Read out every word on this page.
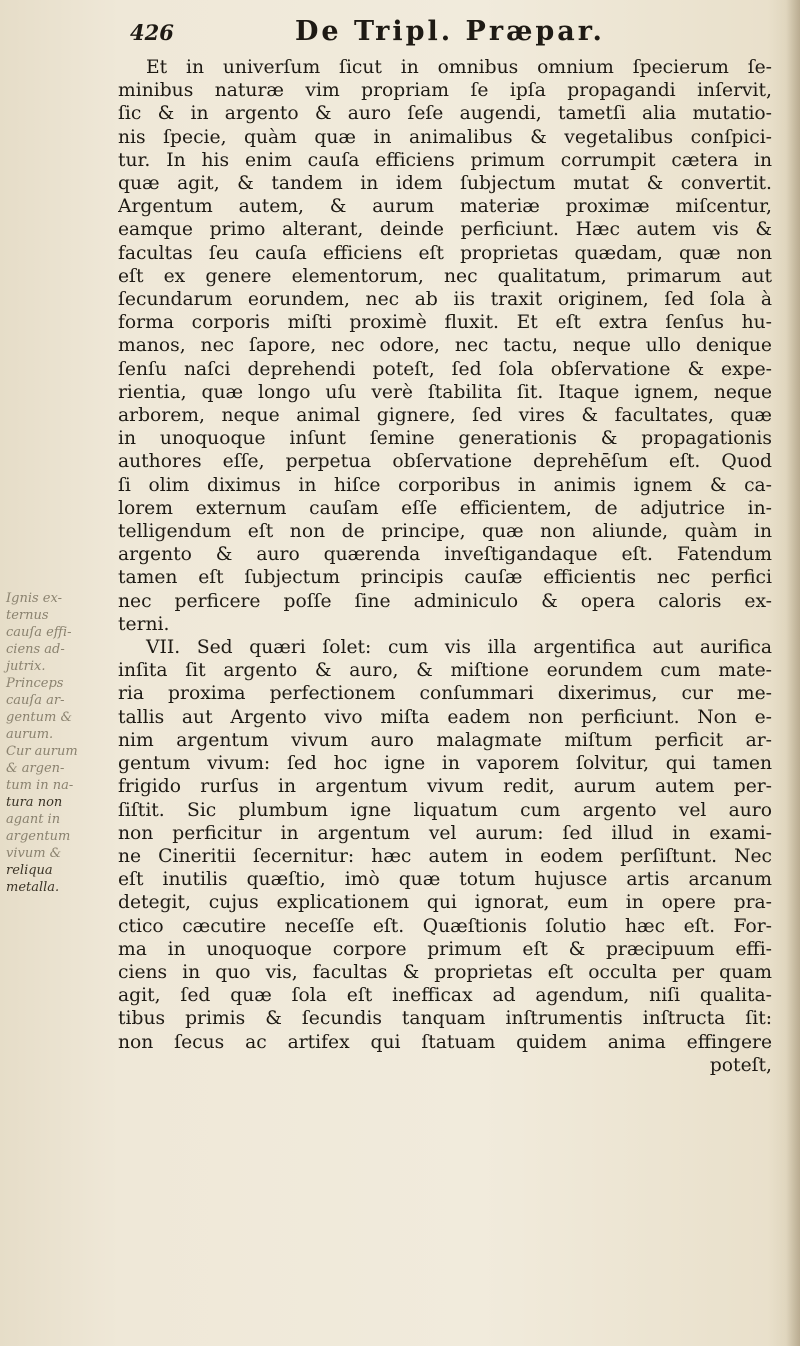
426	De Tripl. Præpar.
Et in univerſum ſicut in omnibus omnium ſpecierum ſe-
minibus naturæ vim propriam ſe ipſa propagandi inſervit,
ſic & in argento & auro ſeſe augendi, tametſi alia mutatio-
nis ſpecie, quàm quæ in animalibus & vegetalibus conſpici-
tur. In his enim cauſa efficiens primum corrumpit cætera in
quæ agit, & tandem in idem ſubjectum mutat & convertit.
Argentum autem, & aurum materiæ proximæ miſcentur,
eamque primo alterant, deinde perficiunt. Hæc autem vis &
facultas ſeu cauſa efficiens eſt proprietas quædam, quæ non
eſt ex genere elementorum, nec qualitatum, primarum aut
ſecundarum eorundem, nec ab iis traxit originem, ſed ſola à
forma corporis miſti proximè fluxit. Et eſt extra ſenſus hu-
manos, nec ſapore, nec odore, nec tactu, neque ullo denique
ſenſu naſci deprehendi poteſt, ſed ſola obſervatione & expe-
rientia, quæ longo uſu verè ſtabilita ſit. Itaque ignem, neque
arborem, neque animal gignere, ſed vires & facultates, quæ
in unoquoque inſunt ſemine generationis & propagationis
authores eſſe, perpetua obſervatione deprehēſum eſt. Quod
ſi olim diximus in hiſce corporibus in animis ignem & ca-
lorem externum cauſam eſſe efficientem, de adjutrice in-
telligendum eſt non de principe, quæ non aliunde, quàm in
argento & auro quærenda inveſtigandaque eſt. Fatendum
tamen eſt ſubjectum principis cauſæ efficientis nec perfici
nec perficere poſſe ſine adminiculo & opera caloris ex-
terni.
VII. Sed quæri ſolet: cum vis illa argentifica aut aurifica
inſita ſit argento & auro, & miſtione eorundem cum mate-
ria proxima perfectionem conſummari dixerimus, cur me-
tallis aut Argento vivo miſta eadem non perficiunt. Non e-
nim argentum vivum auro malagmate miſtum perficit ar-
gentum vivum: ſed hoc igne in vaporem ſolvitur, qui tamen
frigido rurſus in argentum vivum redit, aurum autem per-
ſiſtit. Sic plumbum igne liquatum cum argento vel auro
non perficitur in argentum vel aurum: ſed illud in exami-
ne Cineritii ſecernitur: hæc autem in eodem perſiſtunt. Nec
eſt inutilis quæſtio, imò quæ totum hujusce artis arcanum
detegit, cujus explicationem qui ignorat, eum in opere pra-
ctico cæcutire neceſſe eſt. Quæſtionis ſolutio hæc eſt. For-
ma in unoquoque corpore primum eſt & præcipuum effi-
ciens in quo vis, facultas & proprietas eſt occulta per quam
agit, ſed quæ ſola eſt inefficax ad agendum, niſi qualita-
tibus primis & ſecundis tanquam inſtrumentis inſtructa ſit:
non ſecus ac artifex qui ſtatuam quidem anima effingere
poteſt,
Ignis ex-
ternus
cauſa effi-
ciens ad-
jutrix.
Princeps
cauſa ar-
gentum &
aurum.
Cur aurum
& argen-
tum in na-
tura non
agant in
argentum
vivum &
reliqua
metalla.
